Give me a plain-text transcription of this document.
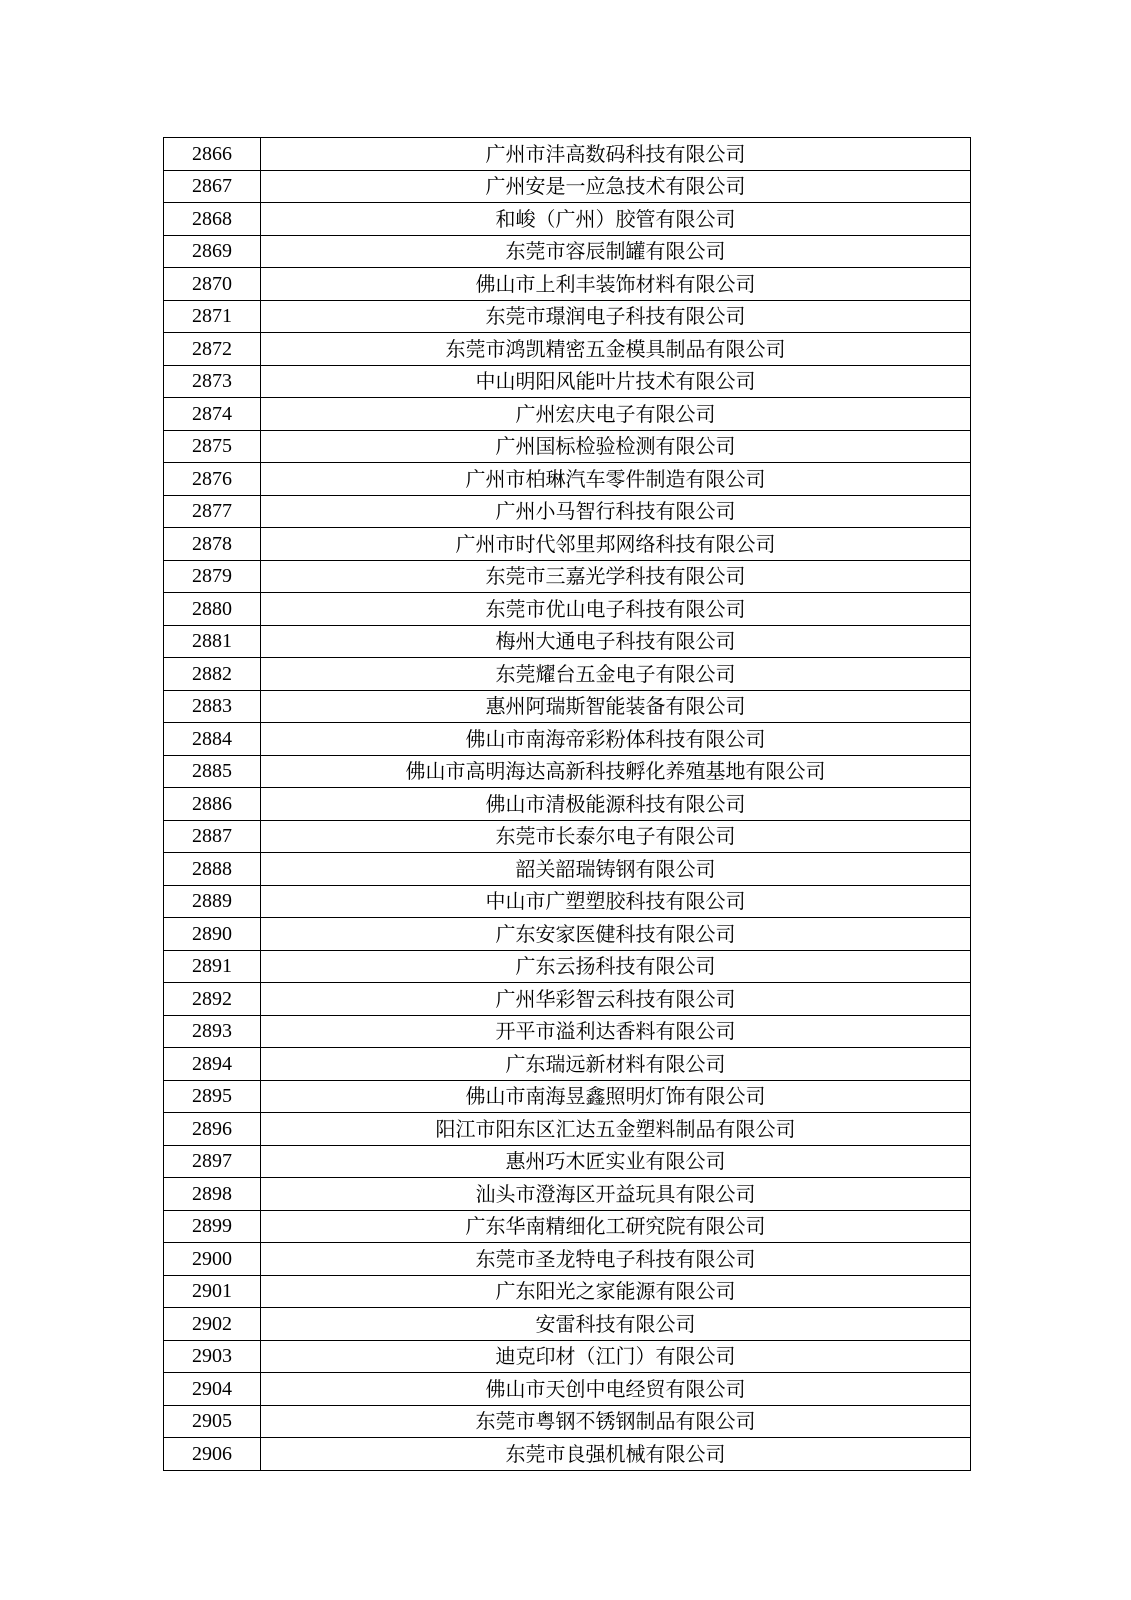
2866	广州市沣高数码科技有限公司
2867	广州安是一应急技术有限公司
2868	和峻（广州）胶管有限公司
2869	东莞市容辰制罐有限公司
2870	佛山市上利丰装饰材料有限公司
2871	东莞市璟润电子科技有限公司
2872	东莞市鸿凯精密五金模具制品有限公司
2873	中山明阳风能叶片技术有限公司
2874	广州宏庆电子有限公司
2875	广州国标检验检测有限公司
2876	广州市柏琳汽车零件制造有限公司
2877	广州小马智行科技有限公司
2878	广州市时代邻里邦网络科技有限公司
2879	东莞市三嘉光学科技有限公司
2880	东莞市优山电子科技有限公司
2881	梅州大通电子科技有限公司
2882	东莞耀台五金电子有限公司
2883	惠州阿瑞斯智能装备有限公司
2884	佛山市南海帝彩粉体科技有限公司
2885	佛山市高明海达高新科技孵化养殖基地有限公司
2886	佛山市清极能源科技有限公司
2887	东莞市长泰尔电子有限公司
2888	韶关韶瑞铸钢有限公司
2889	中山市广塑塑胶科技有限公司
2890	广东安家医健科技有限公司
2891	广东云扬科技有限公司
2892	广州华彩智云科技有限公司
2893	开平市溢利达香料有限公司
2894	广东瑞远新材料有限公司
2895	佛山市南海昱鑫照明灯饰有限公司
2896	阳江市阳东区汇达五金塑料制品有限公司
2897	惠州巧木匠实业有限公司
2898	汕头市澄海区开益玩具有限公司
2899	广东华南精细化工研究院有限公司
2900	东莞市圣龙特电子科技有限公司
2901	广东阳光之家能源有限公司
2902	安雷科技有限公司
2903	迪克印材（江门）有限公司
2904	佛山市天创中电经贸有限公司
2905	东莞市粤钢不锈钢制品有限公司
2906	东莞市良强机械有限公司
